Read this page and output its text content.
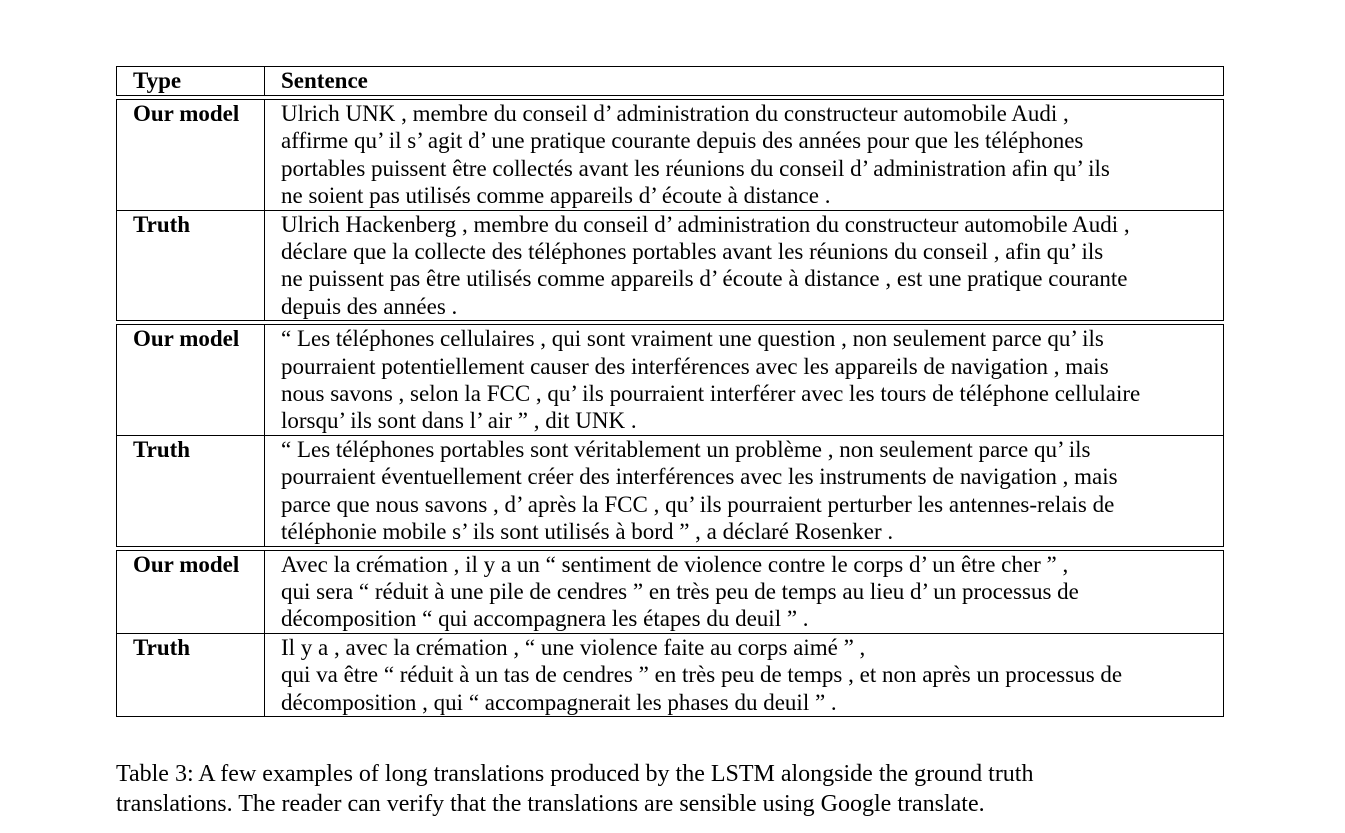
Type	Sentence
Our model	Ulrich UNK , membre du conseil d’ administration du constructeur automobile Audi ,
affirme qu’ il s’ agit d’ une pratique courante depuis des années pour que les téléphones
portables puissent être collectés avant les réunions du conseil d’ administration afin qu’ ils
ne soient pas utilisés comme appareils d’ écoute à distance .
Truth	Ulrich Hackenberg , membre du conseil d’ administration du constructeur automobile Audi ,
déclare que la collecte des téléphones portables avant les réunions du conseil , afin qu’ ils
ne puissent pas être utilisés comme appareils d’ écoute à distance , est une pratique courante
depuis des années .
Our model	“ Les téléphones cellulaires , qui sont vraiment une question , non seulement parce qu’ ils
pourraient potentiellement causer des interférences avec les appareils de navigation , mais
nous savons , selon la FCC , qu’ ils pourraient interférer avec les tours de téléphone cellulaire
lorsqu’ ils sont dans l’ air ” , dit UNK .
Truth	“ Les téléphones portables sont véritablement un problème , non seulement parce qu’ ils
pourraient éventuellement créer des interférences avec les instruments de navigation , mais
parce que nous savons , d’ après la FCC , qu’ ils pourraient perturber les antennes-relais de
téléphonie mobile s’ ils sont utilisés à bord ” , a déclaré Rosenker .
Our model	Avec la crémation , il y a un “ sentiment de violence contre le corps d’ un être cher ” ,
qui sera “ réduit à une pile de cendres ” en très peu de temps au lieu d’ un processus de
décomposition “ qui accompagnera les étapes du deuil ” .
Truth	Il y a , avec la crémation , “ une violence faite au corps aimé ” ,
qui va être “ réduit à un tas de cendres ” en très peu de temps , et non après un processus de
décomposition , qui “ accompagnerait les phases du deuil ” .
Table 3: A few examples of long translations produced by the LSTM alongside the ground truth
translations. The reader can verify that the translations are sensible using Google translate.
